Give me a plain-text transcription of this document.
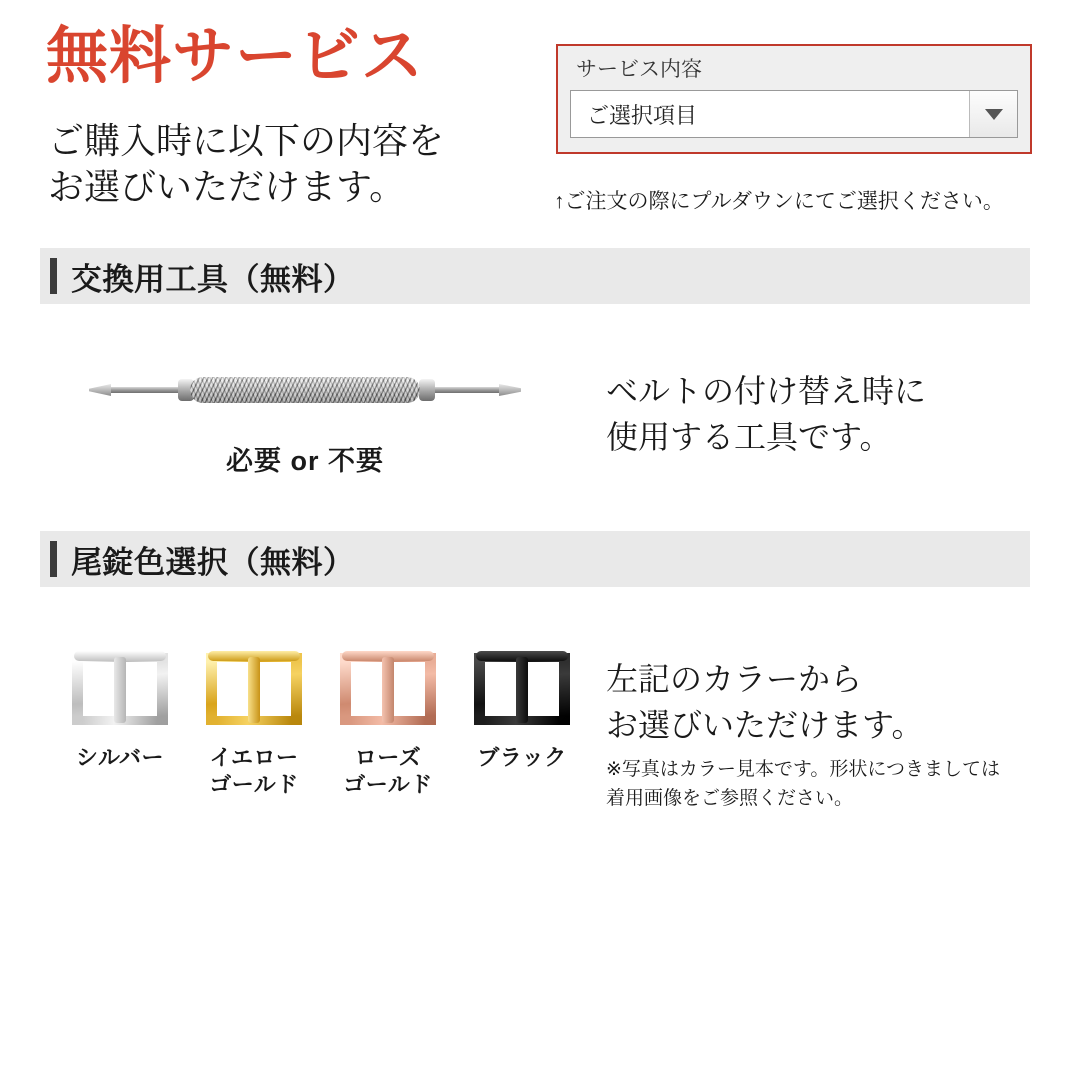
無料サービス
ご購入時に以下の内容を
お選びいただけます。
サービス内容
ご選択項目
↑ご注文の際にプルダウンにてご選択ください。
交換用工具（無料）
必要 or 不要
ベルトの付け替え時に
使用する工具です。
尾錠色選択（無料）
シルバー	イエロー
ゴールド
ローズ
ゴールド
ブラック
左記のカラーから
お選びいただけます。
※写真はカラー見本です。形状につきましては
着用画像をご参照ください。
